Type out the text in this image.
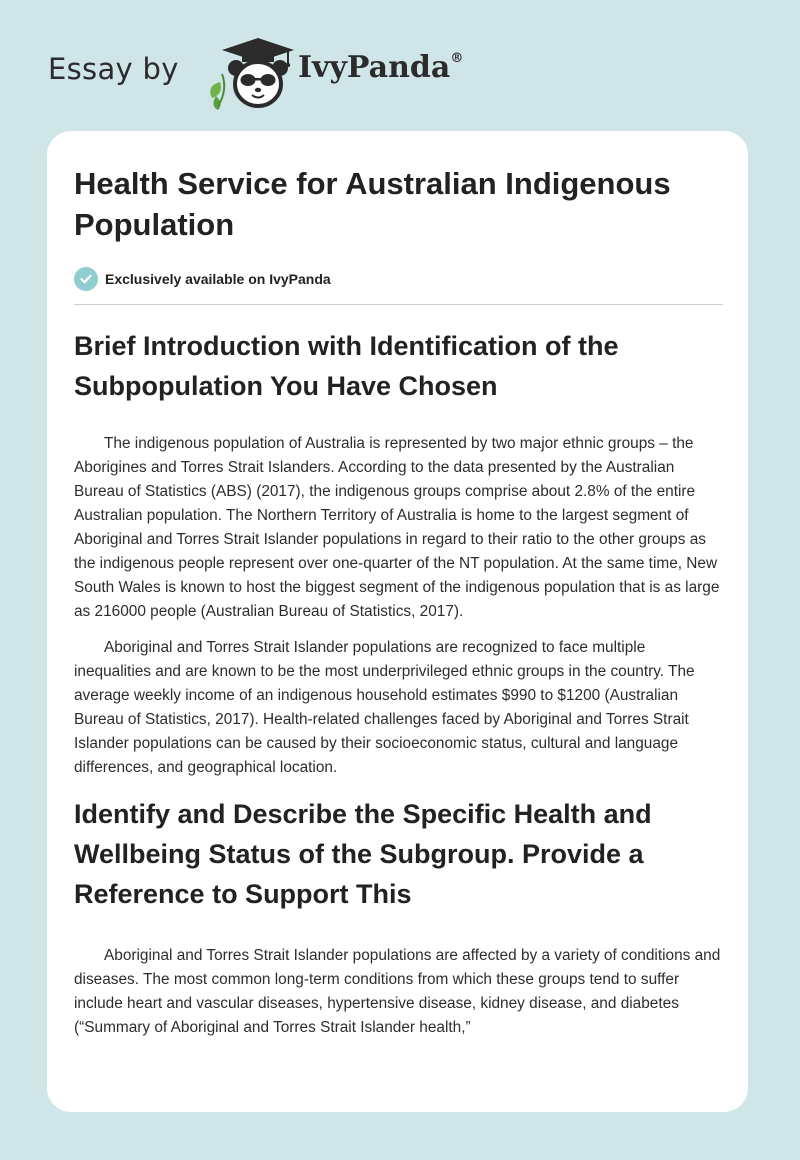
Essay by	IvyPanda®
Health Service for Australian Indigenous Population
Exclusively available on IvyPanda
Brief Introduction with Identification of the Subpopulation You Have Chosen

The indigenous population of Australia is represented by two major ethnic groups – the Aborigines and Torres Strait Islanders. According to the data presented by the Australian Bureau of Statistics (ABS) (2017), the indigenous groups comprise about 2.8% of the entire Australian population. The Northern Territory of Australia is home to the largest segment of Aboriginal and Torres Strait Islander populations in regard to their ratio to the other groups as the indigenous people represent over one-quarter of the NT population. At the same time, New South Wales is known to host the biggest segment of the indigenous population that is as large as 216000 people (Australian Bureau of Statistics, 2017).

Aboriginal and Torres Strait Islander populations are recognized to face multiple inequalities and are known to be the most underprivileged ethnic groups in the country. The average weekly income of an indigenous household estimates $990 to $1200 (Australian Bureau of Statistics, 2017). Health-related challenges faced by Aboriginal and Torres Strait Islander populations can be caused by their socioeconomic status, cultural and language differences, and geographical location.

Identify and Describe the Specific Health and Wellbeing Status of the Subgroup. Provide a Reference to Support This

Aboriginal and Torres Strait Islander populations are affected by a variety of conditions and diseases. The most common long-term conditions from which these groups tend to suffer include heart and vascular diseases, hypertensive disease, kidney disease, and diabetes (“Summary of Aboriginal and Torres Strait Islander health,”
